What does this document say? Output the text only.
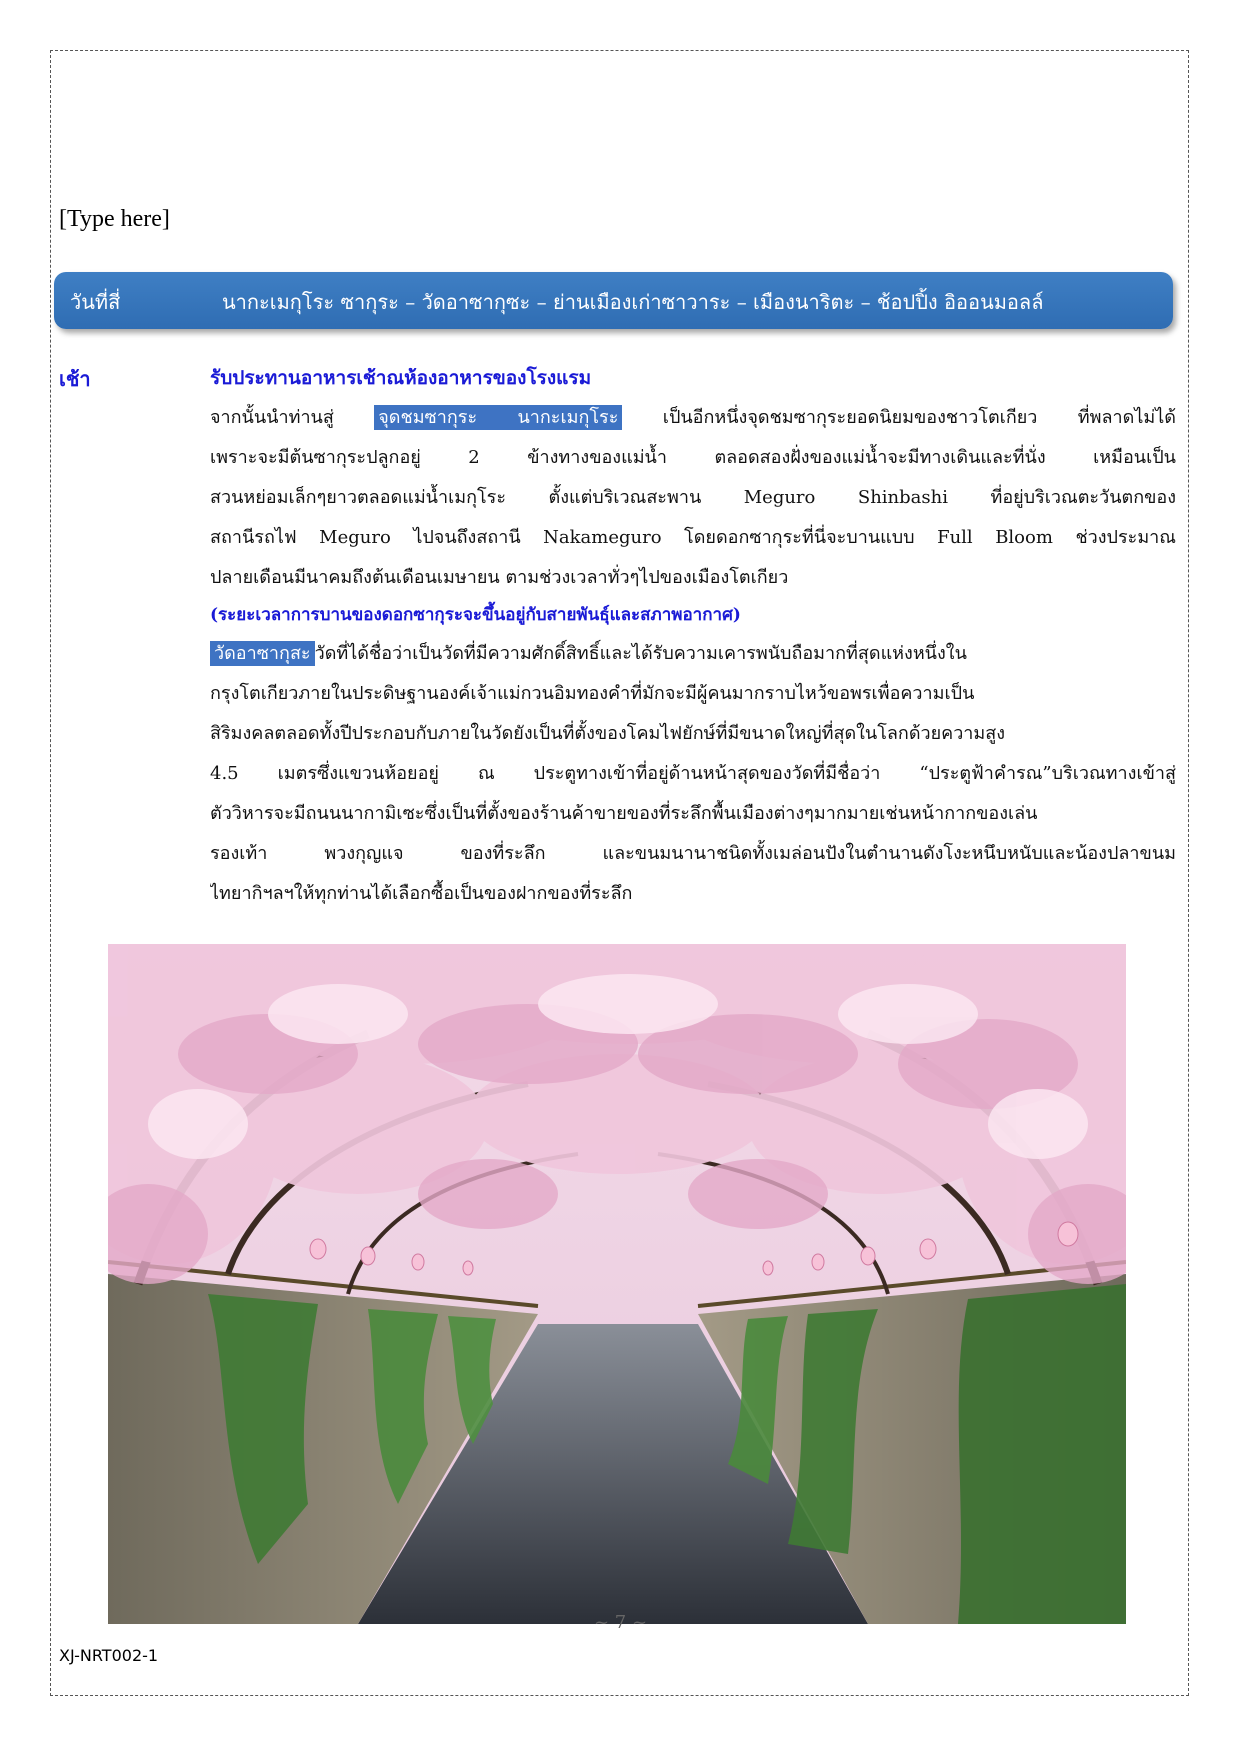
[Type here]
วันที่สี่	นากะเมกุโระ ซากุระ – วัดอาซากุซะ – ย่านเมืองเก่าซาวาระ – เมืองนาริตะ – ช้อปปิ้ง อิออนมอลล์
เช้า	รับประทานอาหารเช้าณห้องอาหารของโรงแรม
จากนั้นนำท่านสู่ จุดชมซากุระ นากะเมกุโระ เป็นอีกหนึ่งจุดชมซากุระยอดนิยมของชาวโตเกียว ที่พลาดไม่ได้
เพราะจะมีต้นซากุระปลูกอยู่ 2 ข้างทางของแม่น้ำ ตลอดสองฝั่งของแม่น้ำจะมีทางเดินและที่นั่ง เหมือนเป็น
สวนหย่อมเล็กๆยาวตลอดแม่น้ำเมกุโระ ตั้งแต่บริเวณสะพาน Meguro Shinbashi ที่อยู่บริเวณตะวันตกของ
สถานีรถไฟ Meguro ไปจนถึงสถานี Nakameguro โดยดอกซากุระที่นี่จะบานแบบ Full Bloom ช่วงประมาณ
ปลายเดือนมีนาคมถึงต้นเดือนเมษายน ตามช่วงเวลาทั่วๆไปของเมืองโตเกียว
(ระยะเวลาการบานของดอกซากุระจะขึ้นอยู่กับสายพันธุ์และสภาพอากาศ)
วัดอาซากุสะ วัดที่ได้ชื่อว่าเป็นวัดที่มีความศักดิ์สิทธิ์และได้รับความเคารพนับถือมากที่สุดแห่งหนึ่งใน
กรุงโตเกียวภายในประดิษฐานองค์เจ้าแม่กวนอิมทองคำที่มักจะมีผู้คนมากราบไหว้ขอพรเพื่อความเป็น
สิริมงคลตลอดทั้งปีประกอบกับภายในวัดยังเป็นที่ตั้งของโคมไฟยักษ์ที่มีขนาดใหญ่ที่สุดในโลกด้วยความสูง
4.5 เมตรซึ่งแขวนห้อยอยู่ ณ ประตูทางเข้าที่อยู่ด้านหน้าสุดของวัดที่มีชื่อว่า “ประตูฟ้าคำรณ”บริเวณทางเข้าสู่
ตัววิหารจะมีถนนนากามิเซะซึ่งเป็นที่ตั้งของร้านค้าขายของที่ระลึกพื้นเมืองต่างๆมากมายเช่นหน้ากากของเล่น
รองเท้า พวงกุญแจ ของที่ระลึก และขนมนานาชนิดทั้งเมล่อนปังในตำนานดังโงะหนึบหนับและน้องปลาขนม
ไทยากิฯลฯให้ทุกท่านได้เลือกซื้อเป็นของฝากของที่ระลึก
~ 7 ~
XJ-NRT002-1
